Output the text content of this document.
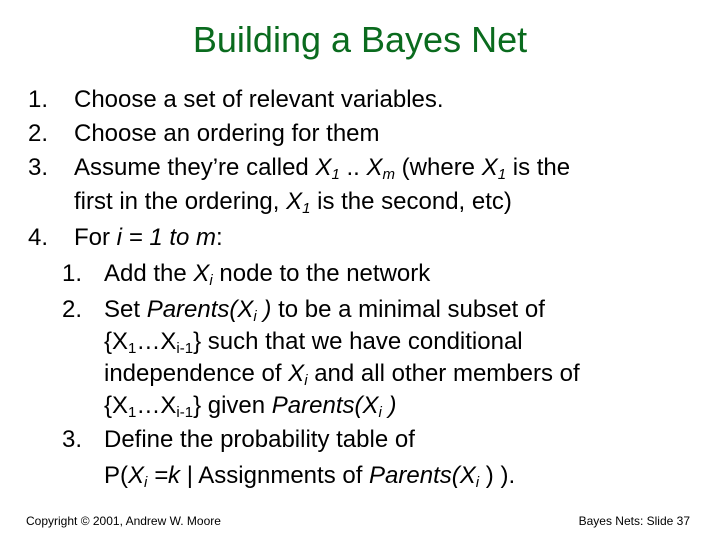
Building a Bayes Net
1. Choose a set of relevant variables.
2. Choose an ordering for them
3. Assume they’re called X1 .. Xm (where X1 is the
first in the ordering, X1 is the second, etc)
4. For i = 1 to m:
1. Add the Xi node to the network
2. Set Parents(Xi ) to be a minimal subset of
{X1…Xi-1} such that we have conditional
independence of Xi and all other members of
{X1…Xi-1} given Parents(Xi )
3. Define the probability table of
P(Xi =k | Assignments of Parents(Xi ) ).
Copyright © 2001, Andrew W. Moore	Bayes Nets: Slide 37
